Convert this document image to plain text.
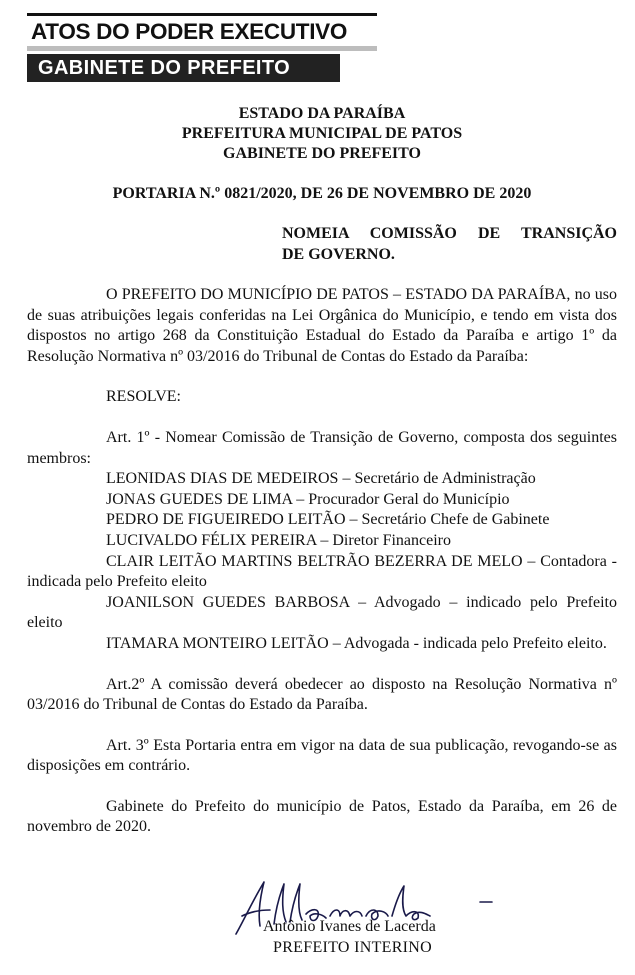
ATOS DO PODER EXECUTIVO
GABINETE DO PREFEITO
ESTADO DA PARAÍBA
PREFEITURA MUNICIPAL DE PATOS
GABINETE DO PREFEITO
PORTARIA N.º 0821/2020, DE 26 DE NOVEMBRO DE 2020
NOMEIA COMISSÃO DE TRANSIÇÃO
DE GOVERNO.

O PREFEITO DO MUNICÍPIO DE PATOS – ESTADO DA PARAÍBA, no uso de suas atribuições legais conferidas na Lei Orgânica do Município, e tendo em vista dos dispostos no artigo 268 da Constituição Estadual do Estado da Paraíba e artigo 1º da Resolução Normativa nº 03/2016 do Tribunal de Contas do Estado da Paraíba:

RESOLVE:

Art. 1º - Nomear Comissão de Transição de Governo, composta dos seguintes membros:

LEONIDAS DIAS DE MEDEIROS – Secretário de Administração

JONAS GUEDES DE LIMA – Procurador Geral do Município

PEDRO DE FIGUEIREDO LEITÃO – Secretário Chefe de Gabinete

LUCIVALDO FÉLIX PEREIRA – Diretor Financeiro

CLAIR LEITÃO MARTINS BELTRÃO BEZERRA DE MELO – Contadora - indicada pelo Prefeito eleito

JOANILSON GUEDES BARBOSA – Advogado – indicado pelo Prefeito eleito

ITAMARA MONTEIRO LEITÃO – Advogada - indicada pelo Prefeito eleito.

Art.2º A comissão deverá obedecer ao disposto na Resolução Normativa nº 03/2016 do Tribunal de Contas do Estado da Paraíba.

Art. 3º Esta Portaria entra em vigor na data de sua publicação, revogando-se as disposições em contrário.

Gabinete do Prefeito do município de Patos, Estado da Paraíba, em 26 de novembro de 2020.

Antônio Ivanes de Lacerda
PREFEITO INTERINO
